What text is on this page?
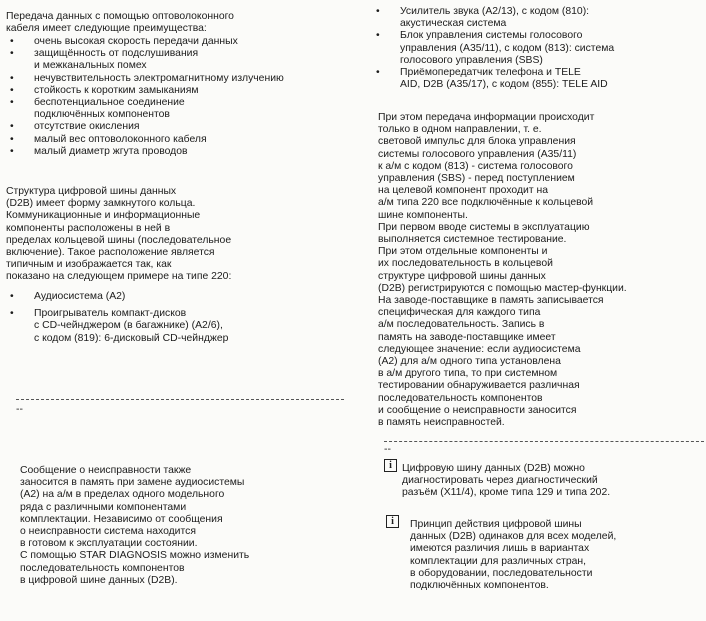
Передача данных с помощью оптоволоконного

кабеля имеет следующие преимущества:

• очень высокая скорость передачи данных

• защищённость от подслушивания

и межканальных помех

• нечувствительность электромагнитному излучению

• стойкость к коротким замыканиям

• беспотенциальное соединение

подключённых компонентов

• отсутствие окисления

• малый вес оптоволоконного кабеля

• малый диаметр жгута проводов

Структура цифровой шины данных

(D2B) имеет форму замкнутого кольца.

Коммуникационные и информационные

компоненты расположены в ней в

пределах кольцевой шины (последовательное

включение). Такое расположение является

типичным и изображается так, как

показано на следующем примере на типе 220:

• Аудиосистема (А2)

• Проигрыватель компакт-дисков

с CD-чейнджером (в багажнике) (А2/6),

с кодом (819): 6-дисковый CD-чейнджер

--

Сообщение о неисправности также

заносится в память при замене аудиосистемы

(А2) на а/м в пределах одного модельного

ряда с различными компонентами

комплектации. Независимо от сообщения

о неисправности система находится

в готовом к эксплуатации состоянии.

С помощью STAR DIAGNOSIS можно изменить

последовательность компонентов

в цифровой шине данных (D2B).

• Усилитель звука (А2/13), с кодом (810):

акустическая система

• Блок управления системы голосового

управления (А35/11), с кодом (813): система

голосового управления (SBS)

• Приёмопередатчик телефона и TELE

AID, D2B (A35/17), с кодом (855): TELE AID

При этом передача информации происходит

только в одном направлении, т. е.

световой импульс для блока управления

системы голосового управления (А35/11)

к а/м с кодом (813) - система голосового

управления (SBS) - перед поступлением

на целевой компонент проходит на

а/м типа 220 все подключённые к кольцевой

шине компоненты.

При первом вводе системы в эксплуатацию

выполняется системное тестирование.

При этом отдельные компоненты и

их последовательность в кольцевой

структуре цифровой шины данных

(D2B) регистрируются с помощью мастер-функции.

На заводе-поставщике в память записывается

специфическая для каждого типа

а/м последовательность. Запись в

память на заводе-поставщике имеет

следующее значение: если аудиосистема

(А2) для а/м одного типа установлена

в а/м другого типа, то при системном

тестировании обнаруживается различная

последовательность компонентов

и сообщение о неисправности заносится

в память неисправностей.

--

i Цифровую шину данных (D2B) можно

диагностировать через диагностический

разъём (Х11/4), кроме типа 129 и типа 202.

i	Принцип действия цифровой шины

данных (D2B) одинаков для всех моделей,

имеются различия лишь в вариантах

комплектации для различных стран,

в оборудовании, последовательности

подключённых компонентов.
